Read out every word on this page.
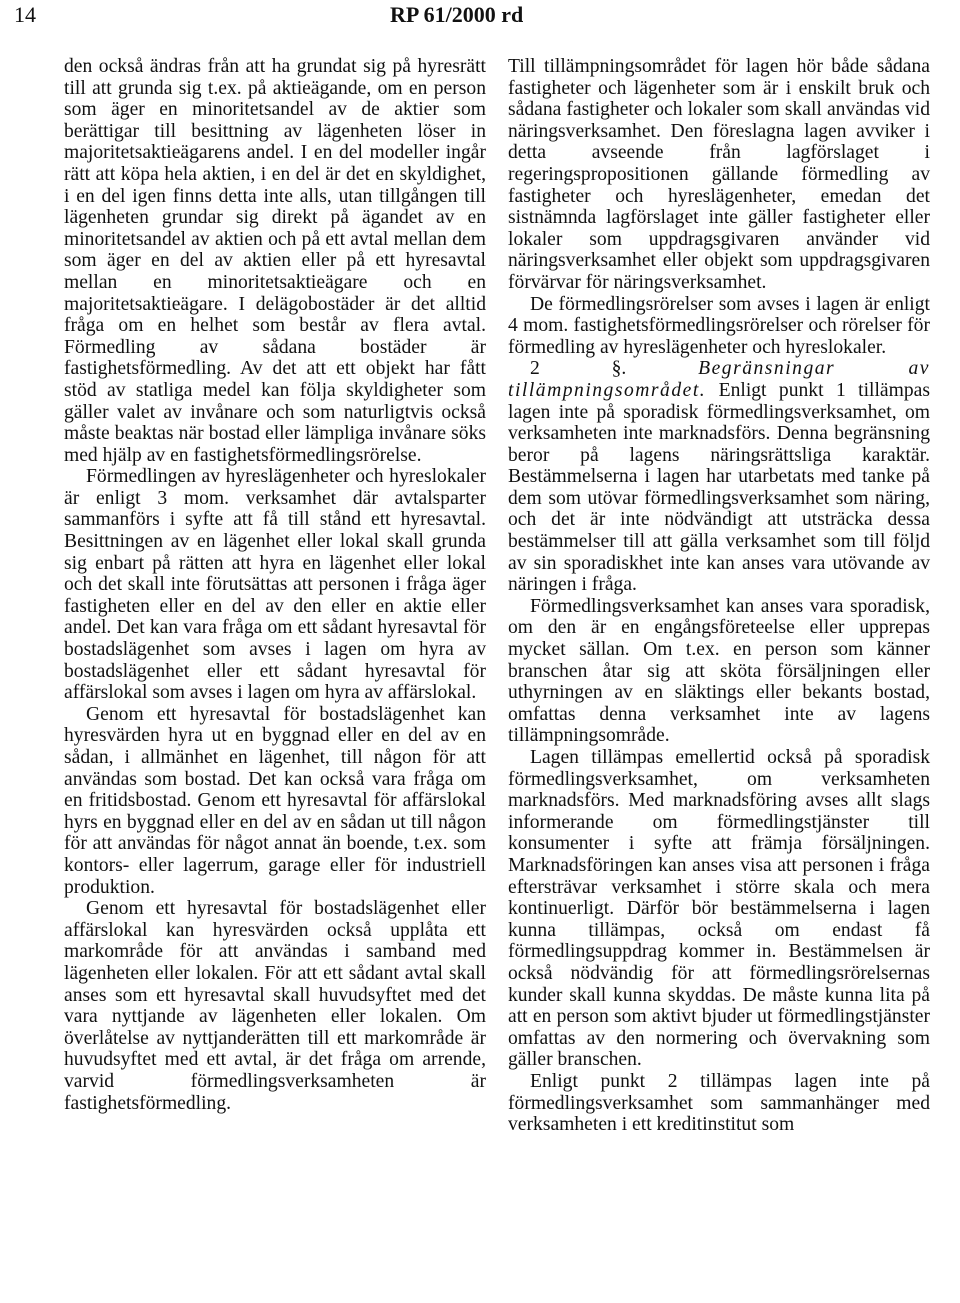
14	RP 61/2000 rd

den också ändras från att ha grundat sig på hyresrätt till att grunda sig t.ex. på aktieägande, om en person som äger en minoritetsandel av de aktier som berättigar till besittning av lägenheten löser in majoritetsaktieägarens andel. I en del modeller ingår rätt att köpa hela aktien, i en del är det en skyldighet, i en del igen finns detta inte alls, utan tillgången till lägenheten grundar sig direkt på ägandet av en minoritetsandel av aktien och på ett avtal mellan dem som äger en del av aktien eller på ett hyresavtal mellan en minoritetsaktieägare och en majoritetsaktieägare. I delägobostäder är det alltid fråga om en helhet som består av flera avtal. Förmedling av sådana bostäder är fastighetsförmedling. Av det att ett objekt har fått stöd av statliga medel kan följa skyldigheter som gäller valet av invånare och som naturligtvis också måste beaktas när bostad eller lämpliga invånare söks med hjälp av en fastighetsförmedlingsrörelse.

Förmedlingen av hyreslägenheter och hyreslokaler är enligt 3 mom. verksamhet där avtalsparter sammanförs i syfte att få till stånd ett hyresavtal. Besittningen av en lägenhet eller lokal skall grunda sig enbart på rätten att hyra en lägenhet eller lokal och det skall inte förutsättas att personen i fråga äger fastigheten eller en del av den eller en aktie eller andel. Det kan vara fråga om ett sådant hyresavtal för bostadslägenhet som avses i lagen om hyra av bostadslägenhet eller ett sådant hyresavtal för affärslokal som avses i lagen om hyra av affärslokal.

Genom ett hyresavtal för bostadslägenhet kan hyresvärden hyra ut en byggnad eller en del av en sådan, i allmänhet en lägenhet, till någon för att användas som bostad. Det kan också vara fråga om en fritidsbostad. Genom ett hyresavtal för affärslokal hyrs en byggnad eller en del av en sådan ut till någon för att användas för något annat än boende, t.ex. som kontors- eller lagerrum, garage eller för industriell produktion.

Genom ett hyresavtal för bostadslägenhet eller affärslokal kan hyresvärden också upplåta ett markområde för att användas i samband med lägenheten eller lokalen. För att ett sådant avtal skall anses som ett hyresavtal skall huvudsyftet med det vara nyttjande av lägenheten eller lokalen. Om överlåtelse av nyttjanderätten till ett markområde är huvudsyftet med ett avtal, är det fråga om arrende, varvid förmedlingsverksamheten är fastighetsförmedling.

Till tillämpningsområdet för lagen hör både sådana fastigheter och lägenheter som är i enskilt bruk och sådana fastigheter och lokaler som skall användas vid näringsverksamhet. Den föreslagna lagen avviker i detta avseende från lagförslaget i regeringspropositionen gällande förmedling av fastigheter och hyreslägenheter, emedan det sistnämnda lagförslaget inte gäller fastigheter eller lokaler som uppdragsgivaren använder vid näringsverksamhet eller objekt som uppdragsgivaren förvärvar för näringsverksamhet.

De förmedlingsrörelser som avses i lagen är enligt 4 mom. fastighetsförmedlingsrörelser och rörelser för förmedling av hyreslägenheter och hyreslokaler.

2 §.	Begränsningar av tillämpningsområdet. Enligt punkt 1 tillämpas lagen inte på sporadisk förmedlingsverksamhet, om verksamheten inte marknadsförs. Denna begränsning beror på lagens näringsrättsliga karaktär. Bestämmelserna i lagen har utarbetats med tanke på dem som utövar förmedlingsverksamhet som näring, och det är inte nödvändigt att utsträcka dessa bestämmelser till att gälla verksamhet som till följd av sin sporadiskhet inte kan anses vara utövande av näringen i fråga.

Förmedlingsverksamhet kan anses vara sporadisk, om den är en engångsföreteelse eller upprepas mycket sällan. Om t.ex. en person som känner branschen åtar sig att sköta försäljningen eller uthyrningen av en släktings eller bekants bostad, omfattas denna verksamhet inte av lagens tillämpningsområde.

Lagen tillämpas emellertid också på sporadisk förmedlingsverksamhet, om verksamheten marknadsförs. Med marknadsföring avses allt slags informerande om förmedlingstjänster till konsumenter i syfte att främja försäljningen. Marknadsföringen kan anses visa att personen i fråga eftersträvar verksamhet i större skala och mera kontinuerligt. Därför bör bestämmelserna i lagen kunna tillämpas, också om endast få förmedlingsuppdrag kommer in. Bestämmelsen är också nödvändig för att förmedlingsrörelsernas kunder skall kunna skyddas. De måste kunna lita på att en person som aktivt bjuder ut förmedlingstjänster omfattas av den normering och övervakning som gäller branschen.

Enligt punkt 2 tillämpas lagen inte på förmedlingsverksamhet som sammanhänger med verksamheten i ett kreditinstitut som
